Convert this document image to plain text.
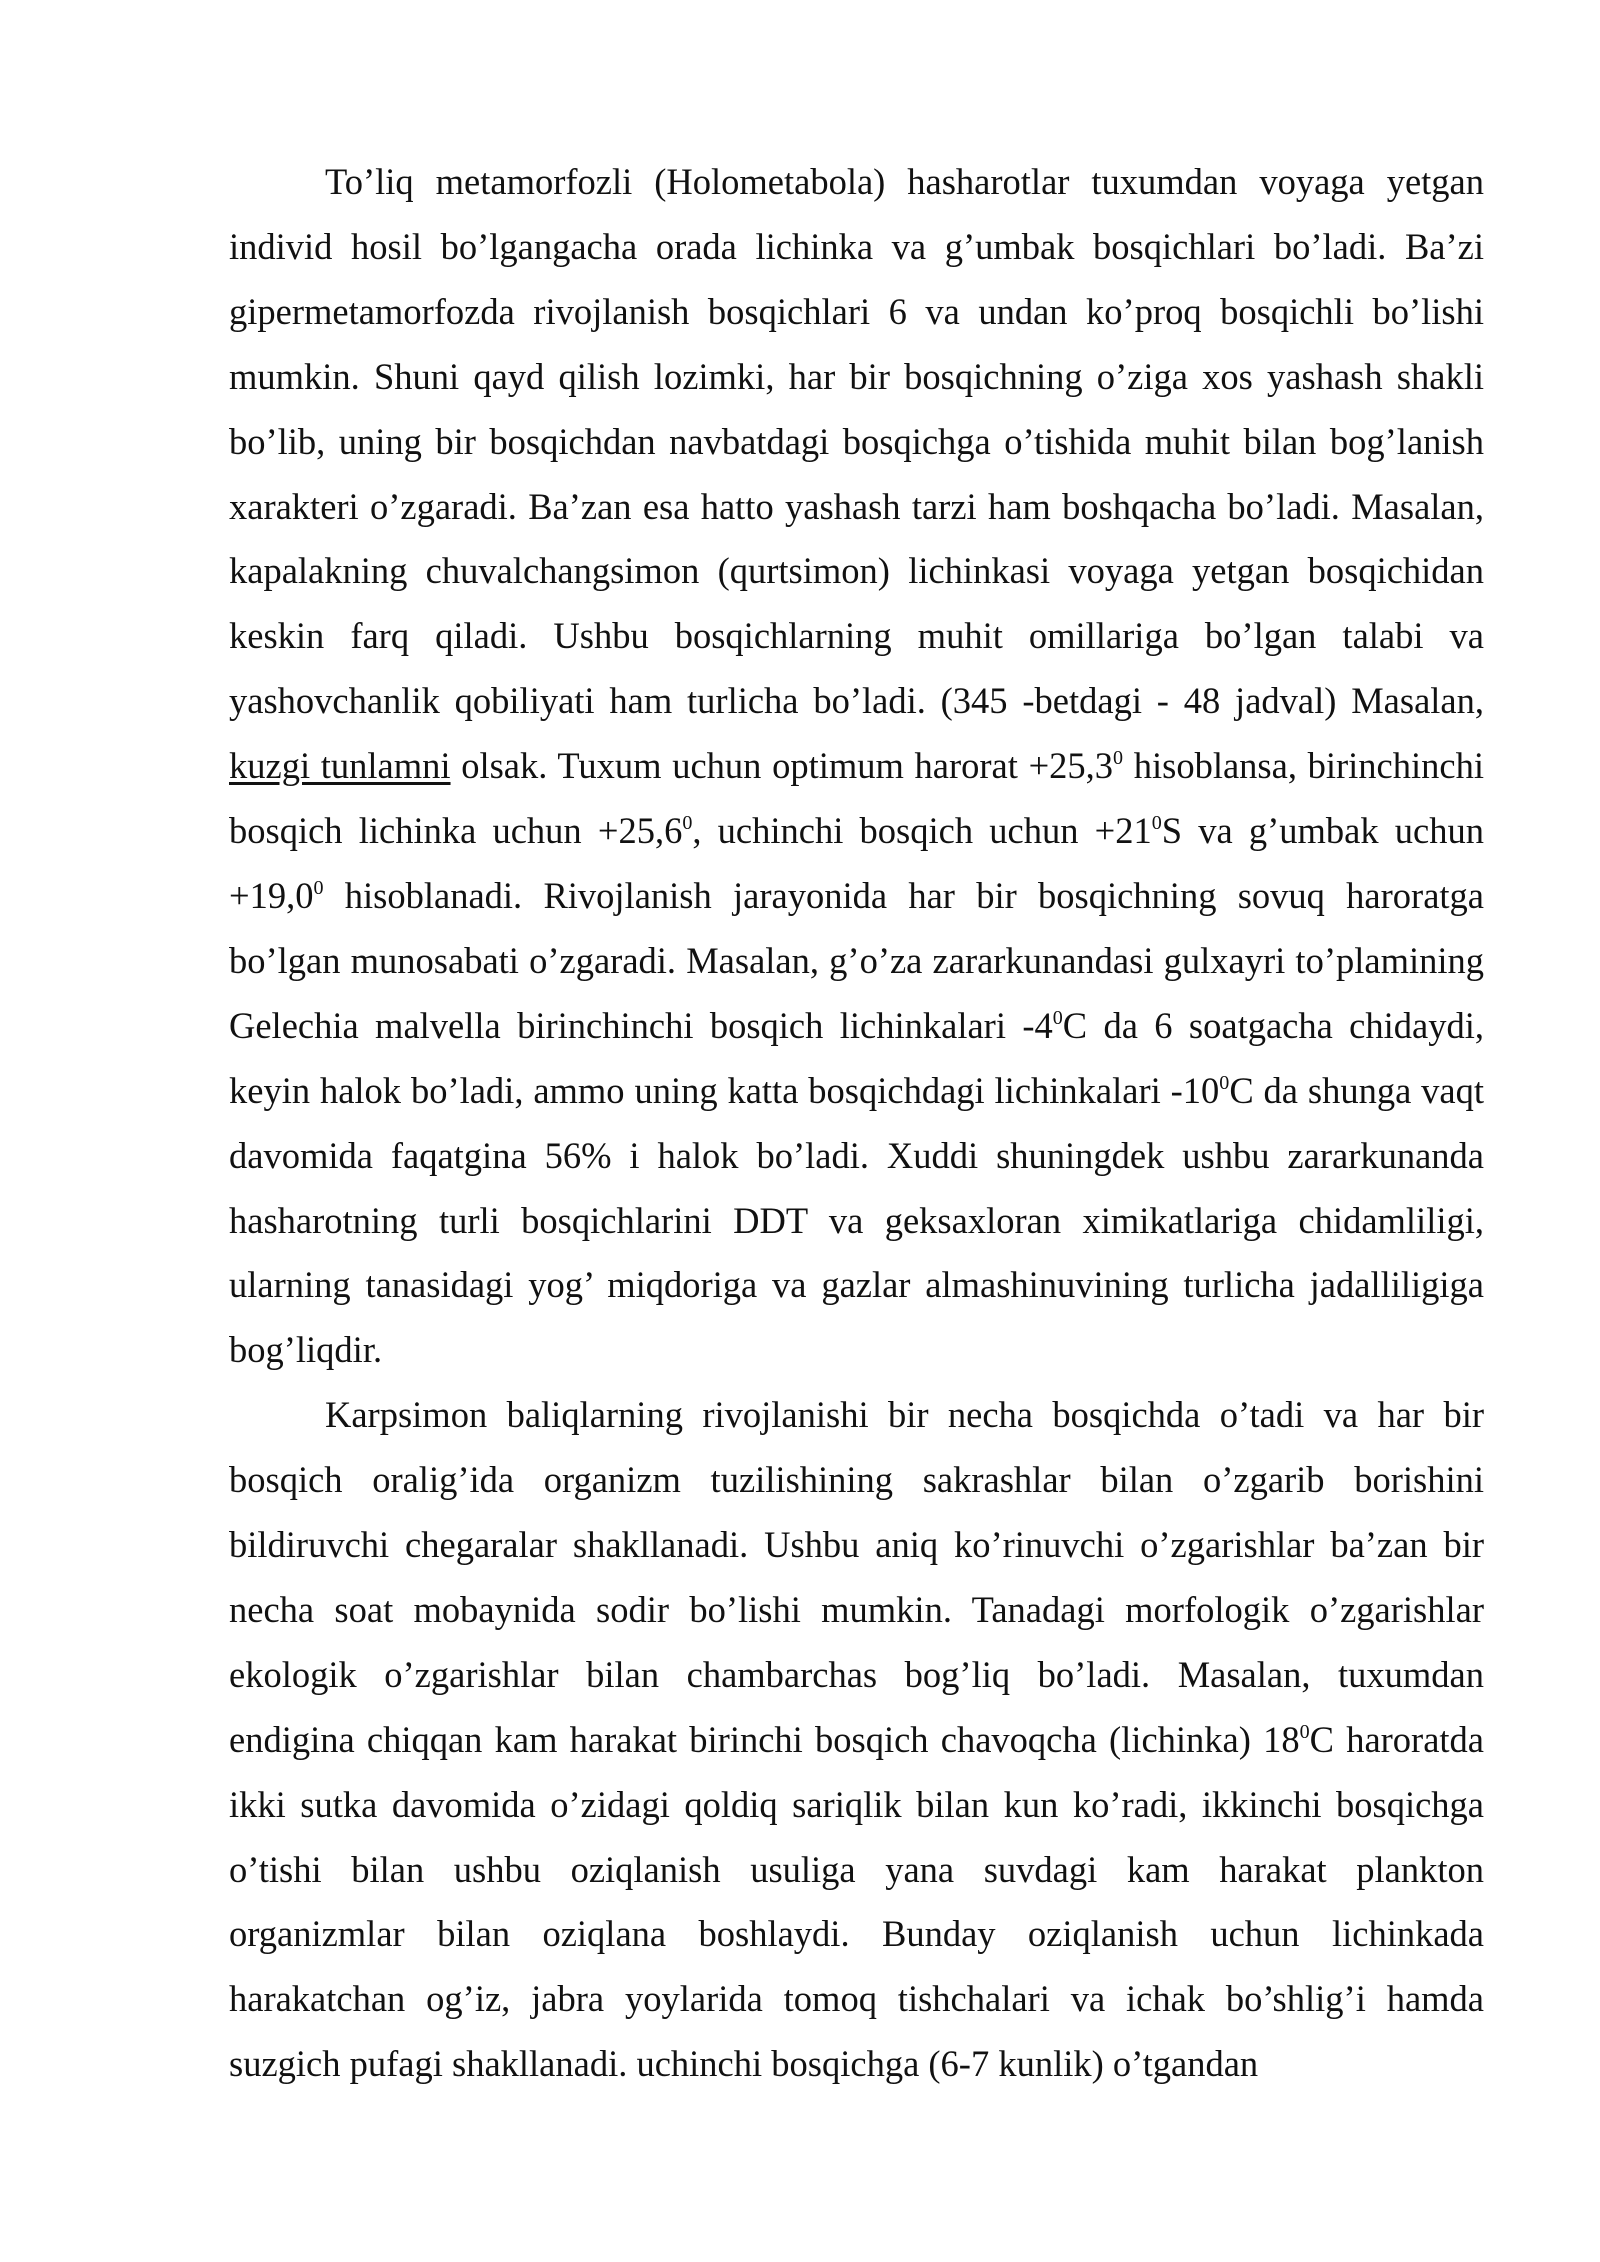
To’liq metamorfozli (Holometabola) hasharotlar tuxumdan voyaga yetgan individ hosil bo’lgangacha orada lichinka va g’umbak bosqichlari bo’ladi. Ba’zi gipermetamorfozda rivojlanish bosqichlari 6 va undan ko’proq bosqichli bo’lishi mumkin. Shuni qayd qilish lozimki, har bir bosqichning o’ziga xos yashash shakli bo’lib, uning bir bosqichdan navbatdagi bosqichga o’tishida muhit bilan bog’lanish xarakteri o’zgaradi. Ba’zan esa hatto yashash tarzi ham boshqacha bo’ladi. Masalan, kapalakning chuvalchangsimon (qurtsimon) lichinkasi voyaga yetgan bosqichidan keskin farq qiladi. Ushbu bosqichlarning muhit omillariga bo’lgan talabi va yashovchanlik qobiliyati ham turlicha bo’ladi. (345 -betdagi - 48 jadval) Masalan, kuzgi tunlamni olsak. Tuxum uchun optimum harorat $+25,3^0$ hisoblansa, birinchinchi bosqich lichinka uchun $+25,6^0$, uchinchi bosqich uchun $+21^0S$ va g’umbak uchun $+19,0^0$ hisoblanadi. Rivojlanish jarayonida har bir bosqichning sovuq haroratga bo’lgan munosabati o’zgaradi. Masalan, g’o’za zararkunandasi gulxayri to’plamining Gelechia malvella birinchinchi bosqich lichinkalari $-4^0C$ da 6 soatgacha chidaydi, keyin halok bo’ladi, ammo uning katta bosqichdagi lichinkalari $-10^0C$ da shunga vaqt davomida faqatgina 56% i halok bo’ladi. Xuddi shuningdek ushbu zararkunanda hasharotning turli bosqichlarini DDT va geksaxloran ximikatlariga chidamliligi, ularning tanasidagi yog’ miqdoriga va gazlar almashinuvining turlicha jadalliligiga bog’liqdir.

Karpsimon baliqlarning rivojlanishi bir necha bosqichda o’tadi va har bir bosqich oralig’ida organizm tuzilishining sakrashlar bilan o’zgarib borishini bildiruvchi chegaralar shakllanadi. Ushbu aniq ko’rinuvchi o’zgarishlar ba’zan bir necha soat mobaynida sodir bo’lishi mumkin. Tanadagi morfologik o’zgarishlar ekologik o’zgarishlar bilan chambarchas bog’liq bo’ladi. Masalan, tuxumdan endigina chiqqan kam harakat birinchi bosqich chavoqcha (lichinka) $18^0C$ haroratda ikki sutka davomida o’zidagi qoldiq sariqlik bilan kun ko’radi, ikkinchi bosqichga o’tishi bilan ushbu oziqlanish usuliga yana suvdagi kam harakat plankton organizmlar bilan oziqlana boshlaydi. Bunday oziqlanish uchun lichinkada harakatchan og’iz, jabra yoylarida tomoq tishchalari va ichak bo’shlig’i hamda suzgich pufagi shakllanadi. uchinchi bosqichga (6-7 kunlik) o’tgandan
